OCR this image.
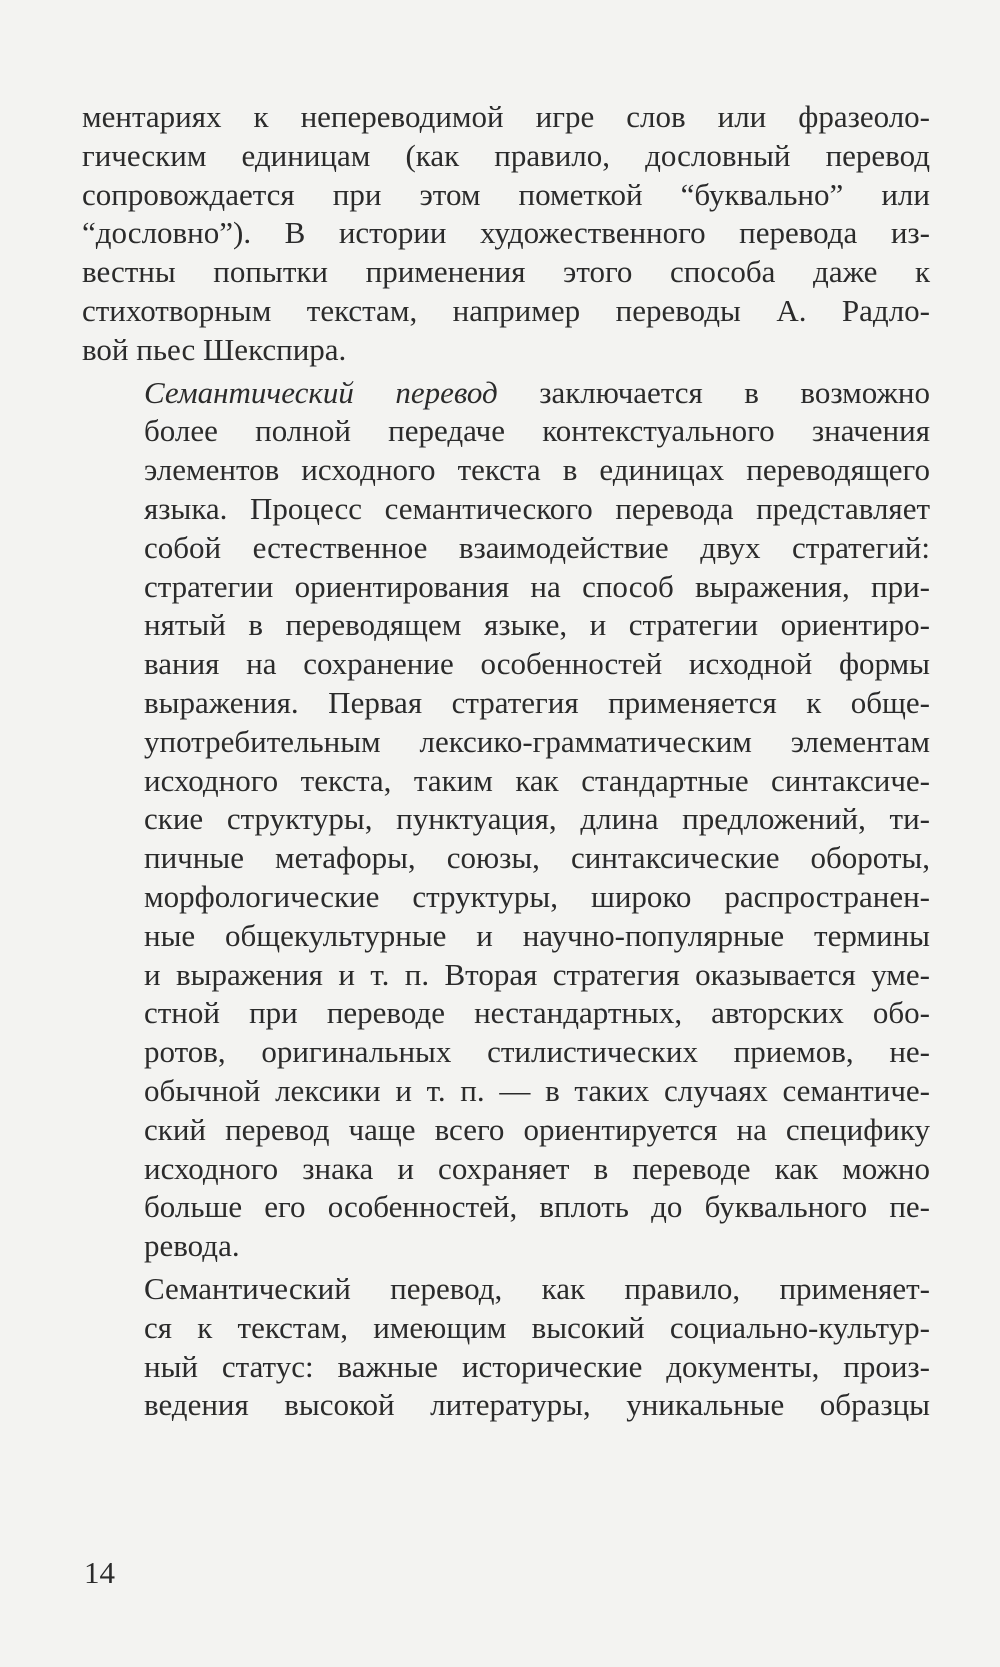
ментариях к непереводимой игре слов или фразеоло-
гическим единицам (как правило, дословный перевод
сопровождается при этом пометкой “буквально” или
“дословно”). В истории художественного перевода из-
вестны попытки применения этого способа даже к
стихотворным текстам, например переводы А. Радло-
вой пьес Шекспира.

Семантический перевод заключается в возможно
более полной передаче контекстуального значения
элементов исходного текста в единицах переводящего
языка. Процесс семантического перевода представляет
собой естественное взаимодействие двух стратегий:
стратегии ориентирования на способ выражения, при-
нятый в переводящем языке, и стратегии ориентиро-
вания на сохранение особенностей исходной формы
выражения. Первая стратегия применяется к обще-
употребительным лексико-грамматическим элементам
исходного текста, таким как стандартные синтаксиче-
ские структуры, пунктуация, длина предложений, ти-
пичные метафоры, союзы, синтаксические обороты,
морфологические структуры, широко распространен-
ные общекультурные и научно-популярные термины
и выражения и т. п. Вторая стратегия оказывается уме-
стной при переводе нестандартных, авторских обо-
ротов, оригинальных стилистических приемов, не-
обычной лексики и т. п. — в таких случаях семантиче-
ский перевод чаще всего ориентируется на специфику
исходного знака и сохраняет в переводе как можно
больше его особенностей, вплоть до буквального пе-
ревода.

Семантический перевод, как правило, применяет-
ся к текстам, имеющим высокий социально-культур-
ный статус: важные исторические документы, произ-
ведения высокой литературы, уникальные образцы

14
